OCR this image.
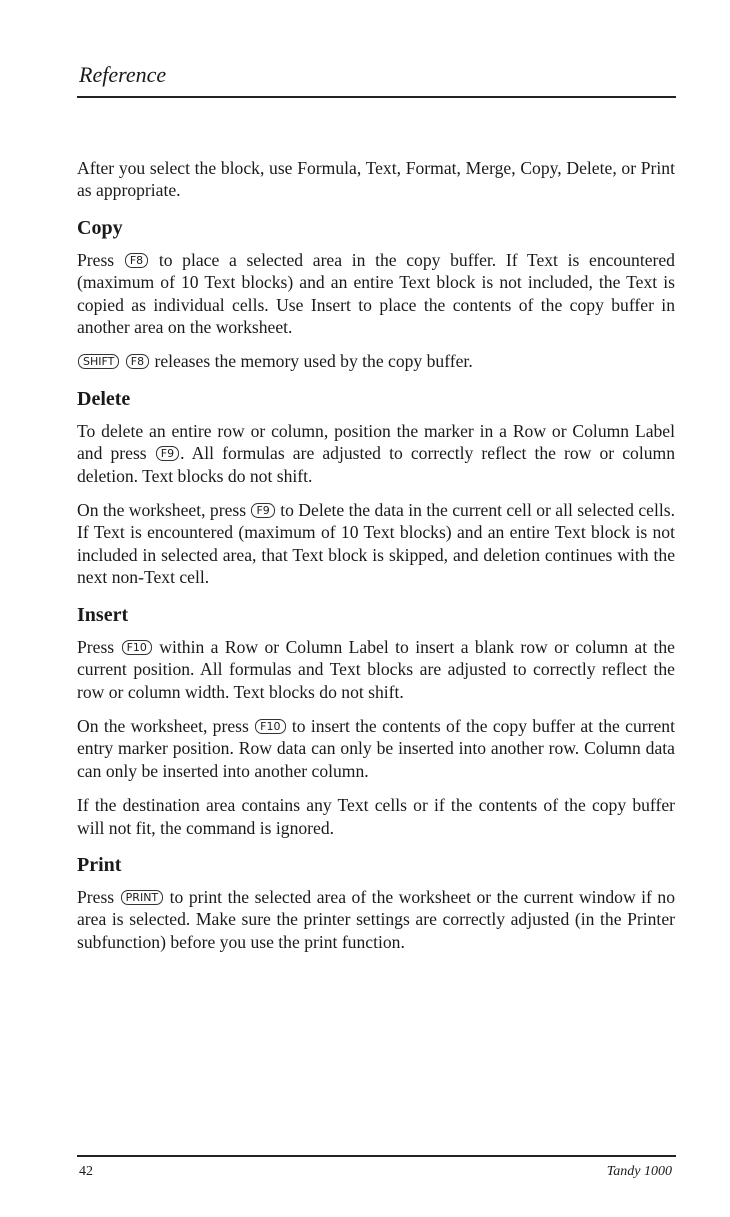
Reference

After you select the block, use Formula, Text, Format, Merge, Copy, Delete, or Print as appropriate.

Copy

Press F8 to place a selected area in the copy buffer. If Text is encountered (maximum of 10 Text blocks) and an entire Text block is not included, the Text is copied as individual cells. Use Insert to place the contents of the copy buffer in another area on the worksheet.

SHIFT F8 releases the memory used by the copy buffer.

Delete

To delete an entire row or column, position the marker in a Row or Column Label and press F9 . All formulas are adjusted to correctly reflect the row or column deletion. Text blocks do not shift.

On the worksheet, press F9 to Delete the data in the current cell or all selected cells. If Text is encountered (maximum of 10 Text blocks) and an entire Text block is not included in selected area, that Text block is skipped, and deletion continues with the next non-Text cell.

Insert

Press F10 within a Row or Column Label to insert a blank row or column at the current position. All formulas and Text blocks are adjusted to correctly reflect the row or column width. Text blocks do not shift.

On the worksheet, press F10 to insert the contents of the copy buffer at the current entry marker position. Row data can only be inserted into another row. Column data can only be inserted into another column.

If the destination area contains any Text cells or if the contents of the copy buffer will not fit, the command is ignored.

Print

Press PRINT to print the selected area of the worksheet or the current window if no area is selected. Make sure the printer settings are correctly adjusted (in the Printer subfunction) before you use the print function.

42	Tandy 1000
